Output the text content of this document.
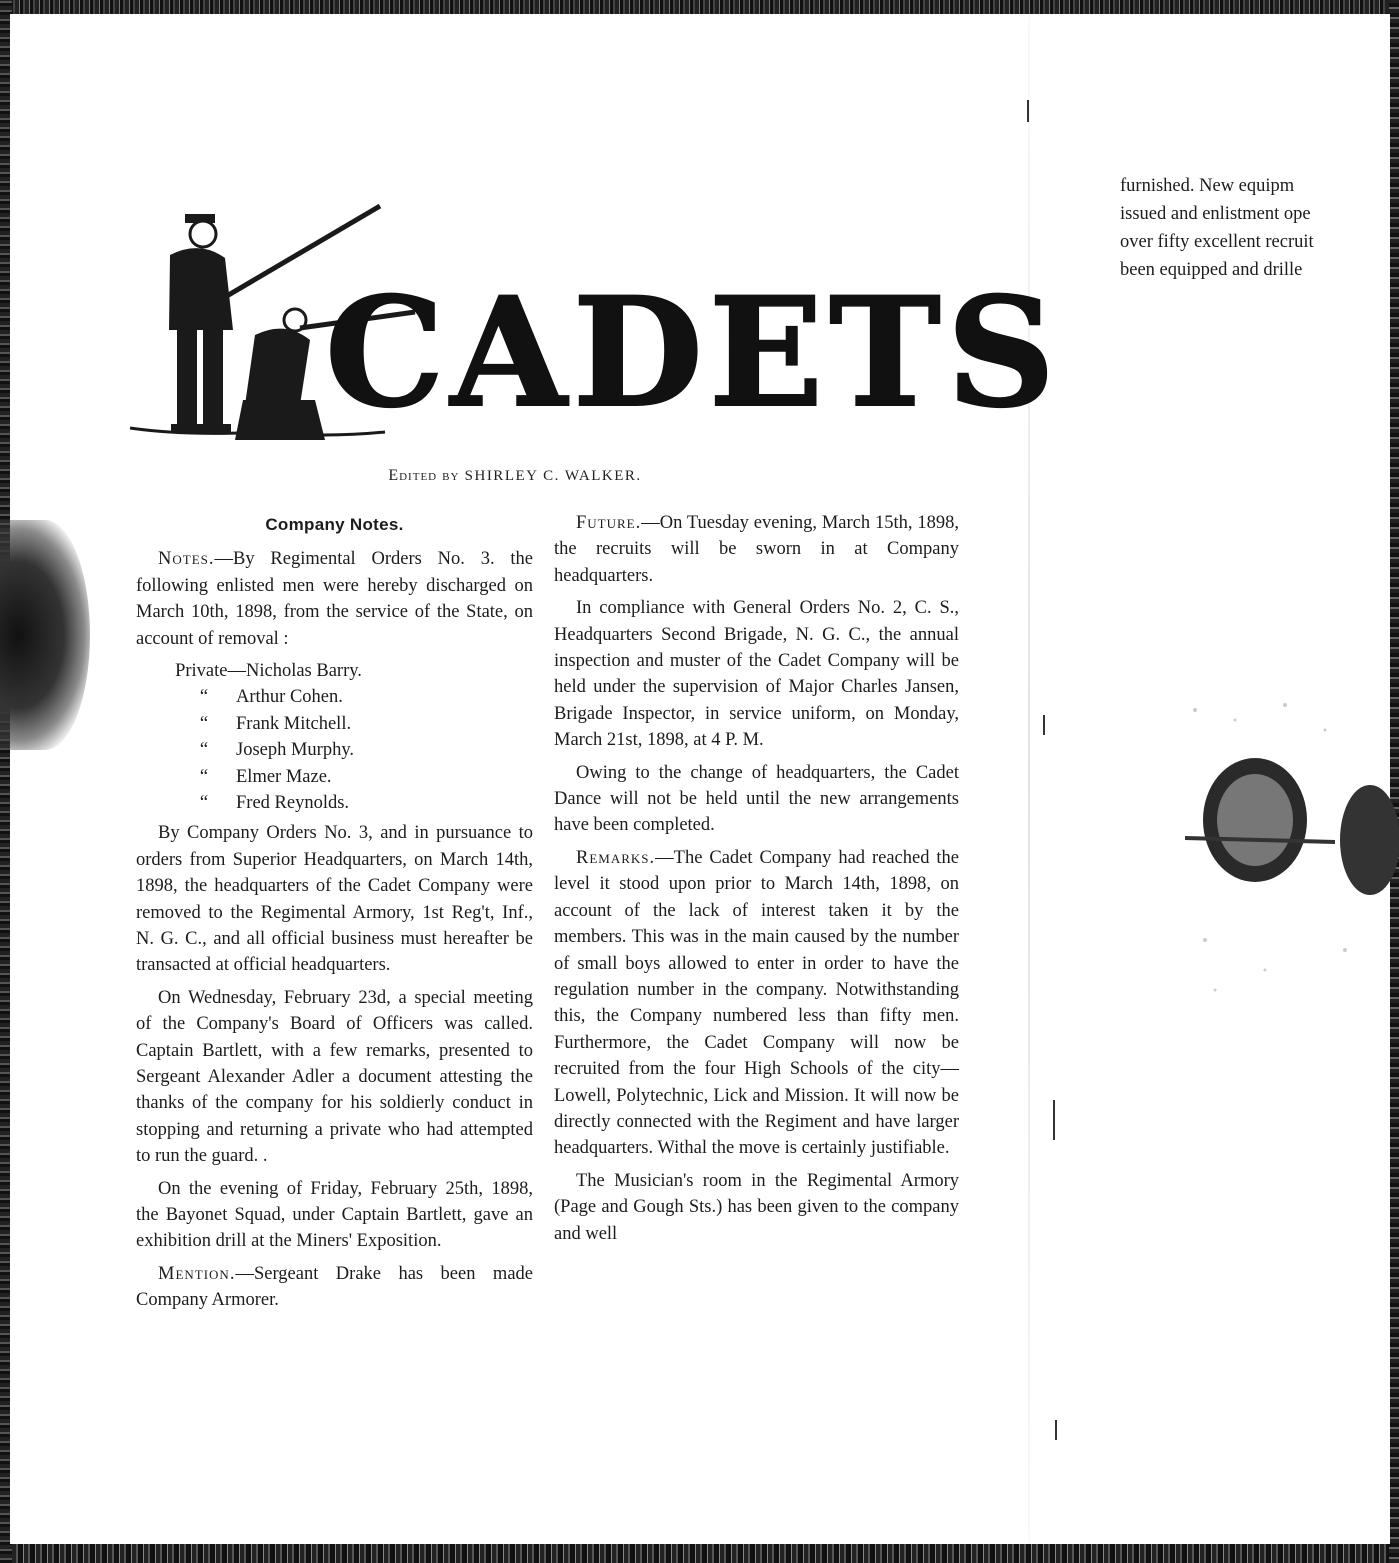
CADETS
Edited by SHIRLEY C. WALKER.
Company Notes.

Notes.—By Regimental Orders No. 3. the following enlisted men were hereby discharged on March 10th, 1898, from the service of the State, on account of removal :

Private— Nicholas Barry.
“	Arthur Cohen.
“	Frank Mitchell.
“	Joseph Murphy.
“	Elmer Maze.
“	Fred Reynolds.

By Company Orders No. 3, and in pursuance to orders from Superior Headquarters, on March 14th, 1898, the headquarters of the Cadet Company were removed to the Regimental Armory, 1st Reg't, Inf., N. G. C., and all official business must hereafter be transacted at official headquarters.

On Wednesday, February 23d, a special meeting of the Company's Board of Officers was called. Captain Bartlett, with a few remarks, presented to Sergeant Alexander Adler a document attesting the thanks of the company for his soldierly conduct in stopping and returning a private who had attempted to run the guard. .

On the evening of Friday, February 25th, 1898, the Bayonet Squad, under Captain Bartlett, gave an exhibition drill at the Miners' Exposition.

Mention.—Sergeant Drake has been made Company Armorer.

Future.—On Tuesday evening, March 15th, 1898, the recruits will be sworn in at Company headquarters.

In compliance with General Orders No. 2, C. S., Headquarters Second Brigade, N. G. C., the annual inspection and muster of the Cadet Company will be held under the supervision of Major Charles Jansen, Brigade Inspector, in service uniform, on Monday, March 21st, 1898, at 4 P. M.

Owing to the change of headquarters, the Cadet Dance will not be held until the new arrangements have been completed.

Remarks.—The Cadet Company had reached the level it stood upon prior to March 14th, 1898, on account of the lack of interest taken it by the members. This was in the main caused by the number of small boys allowed to enter in order to have the regulation number in the company. Notwithstanding this, the Company numbered less than fifty men. Furthermore, the Cadet Company will now be recruited from the four High Schools of the city—Lowell, Polytechnic, Lick and Mission. It will now be directly connected with the Regiment and have larger headquarters. Withal the move is certainly justifiable.

The Musician's room in the Regimental Armory (Page and Gough Sts.) has been given to the company and well

furnished. New equipm
issued and enlistment ope
over fifty excellent recruit
been equipped and drille
